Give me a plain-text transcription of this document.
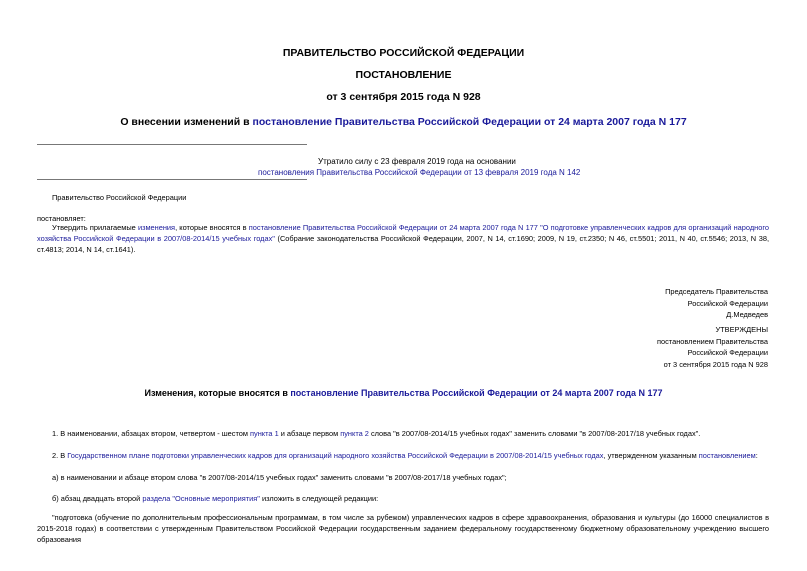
ПРАВИТЕЛЬСТВО РОССИЙСКОЙ ФЕДЕРАЦИИ
ПОСТАНОВЛЕНИЕ
от 3 сентября 2015 года N 928
О внесении изменений в постановление Правительства Российской Федерации от 24 марта 2007 года N 177
Утратило силу с 23 февраля 2019 года на основании
постановления Правительства Российской Федерации от 13 февраля 2019 года N 142
Правительство Российской Федерации
постановляет:
Утвердить прилагаемые изменения, которые вносятся в постановление Правительства Российской Федерации от 24 марта 2007 года N 177 "О подготовке управленческих кадров для организаций народного хозяйства Российской Федерации в 2007/08-2014/15 учебных годах" (Собрание законодательства Российской Федерации, 2007, N 14, ст.1690; 2009, N 19, ст.2350; N 46, ст.5501; 2011, N 40, ст.5546; 2013, N 38, ст.4813; 2014, N 14, ст.1641).
Председатель Правительства
Российской Федерации
Д.Медведев
УТВЕРЖДЕНЫ
постановлением Правительства
Российской Федерации
от 3 сентября 2015 года N 928
Изменения, которые вносятся в постановление Правительства Российской Федерации от 24 марта 2007 года N 177
1. В наименовании, абзацах втором, четвертом - шестом пункта 1 и абзаце первом пункта 2 слова "в 2007/08-2014/15 учебных годах" заменить словами "в 2007/08-2017/18 учебных годах".
2. В Государственном плане подготовки управленческих кадров для организаций народного хозяйства Российской Федерации в 2007/08-2014/15 учебных годах, утвержденном указанным постановлением:
а) в наименовании и абзаце втором слова "в 2007/08-2014/15 учебных годах" заменить словами "в 2007/08-2017/18 учебных годах";
б) абзац двадцать второй раздела "Основные мероприятия" изложить в следующей редакции:
"подготовка (обучение по дополнительным профессиональным программам, в том числе за рубежом) управленческих кадров в сфере здравоохранения, образования и культуры (до 16000 специалистов в 2015-2018 годах) в соответствии с утвержденным Правительством Российской Федерации государственным заданием федеральному государственному бюджетному образовательному учреждению высшего образования
